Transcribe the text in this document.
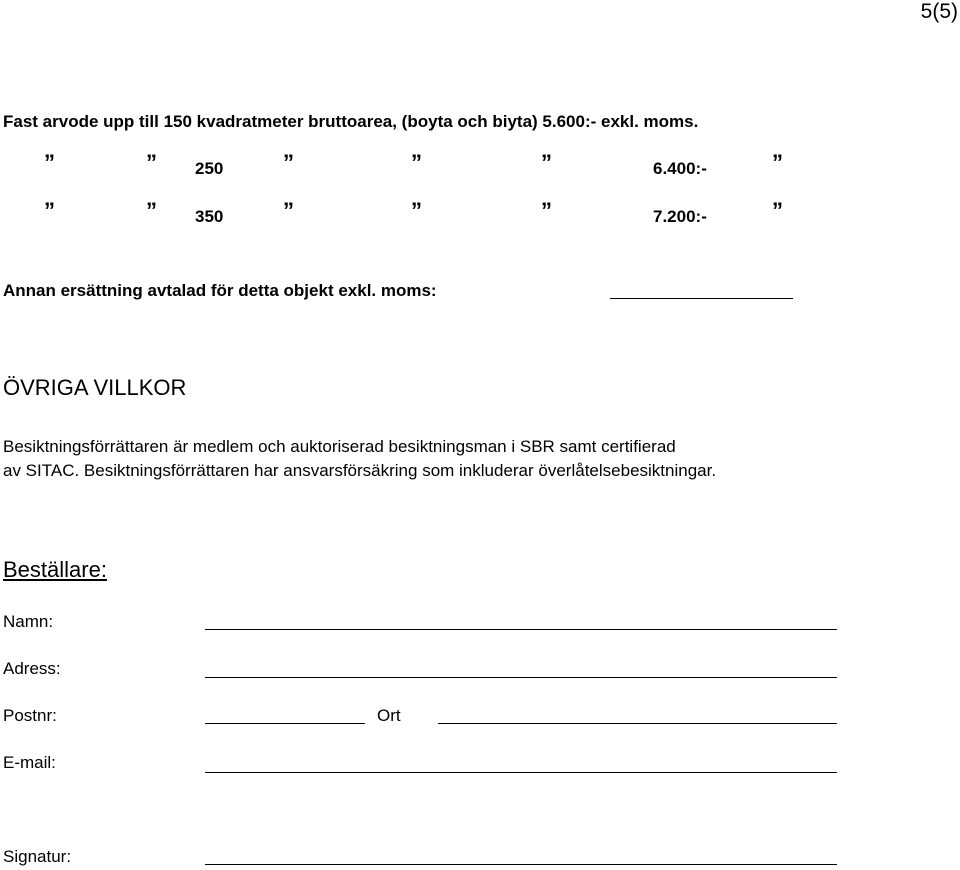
5(5)
Fast arvode upp till 150 kvadratmeter bruttoarea, (boyta och biyta) 5.600:- exkl. moms.
”	” 250	”	”	”	6.400:-	”
”	” 350	”	”	”	7.200:-	”
Annan ersättning avtalad för detta objekt exkl. moms:
ÖVRIGA VILLKOR
Besiktningsförrättaren är medlem och auktoriserad besiktningsman i SBR samt certifierad
av SITAC. Besiktningsförrättaren har ansvarsförsäkring som inkluderar överlåtelsebesiktningar.
Beställare:
Namn:
Adress:
Postnr:	Ort
E-mail:
Signatur:
